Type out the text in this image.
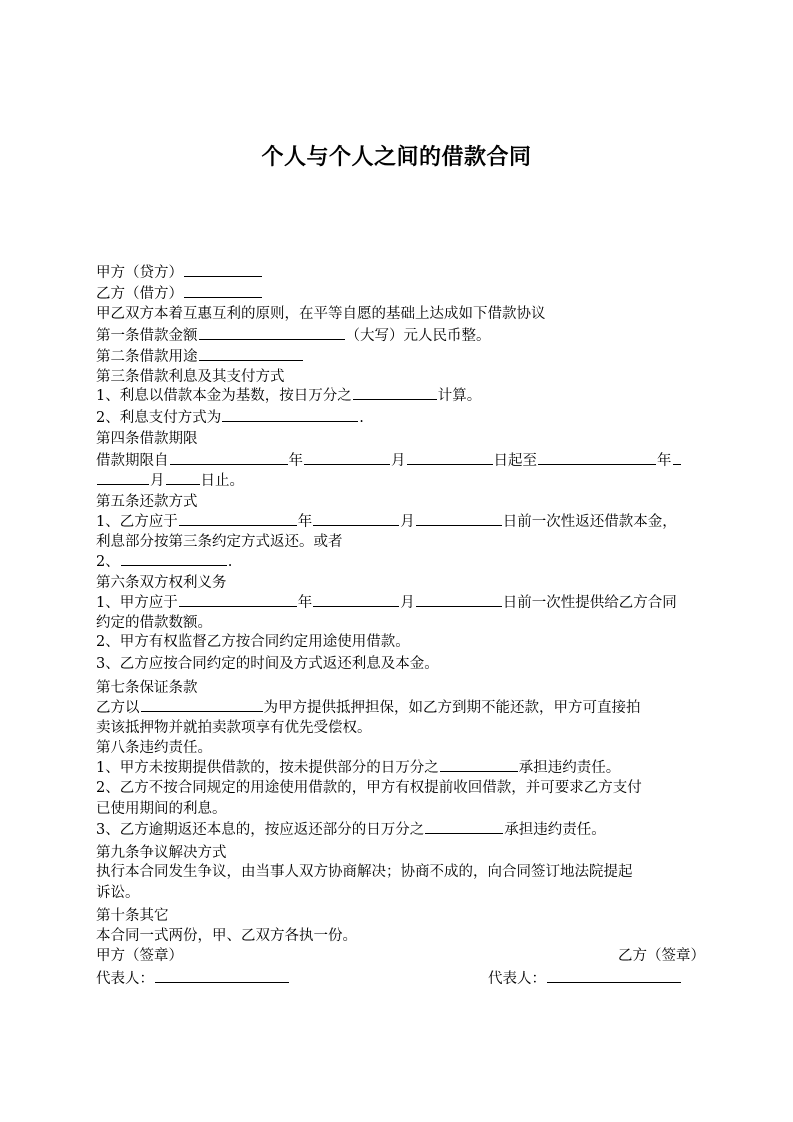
个人与个人之间的借款合同
甲方（贷方）
乙方（借方）
甲乙双方本着互惠互利的原则，在平等自愿的基础上达成如下借款协议
第一条借款金额	（大写）元人民币整。
第二条借款用途
第三条借款利息及其支付方式
1、利息以借款本金为基数，按日万分之	计算。
2、利息支付方式为	.
第四条借款期限
借款期限自	年	月	日起至	年
月 日止。
第五条还款方式
1、乙方应于	年	月	日前一次性返还借款本金，
利息部分按第三条约定方式返还。或者
2、	.
第六条双方权利义务
1、甲方应于	年	月	日前一次性提供给乙方合同
约定的借款数额。
2、甲方有权监督乙方按合同约定用途使用借款。
3、乙方应按合同约定的时间及方式返还利息及本金。
第七条保证条款
乙方以	为甲方提供抵押担保，如乙方到期不能还款，甲方可直接拍
卖该抵押物并就拍卖款项享有优先受偿权。
第八条违约责任。
1、甲方未按期提供借款的，按未提供部分的日万分之	承担违约责任。
2、乙方不按合同规定的用途使用借款的，甲方有权提前收回借款，并可要求乙方支付
已使用期间的利息。
3、乙方逾期返还本息的，按应返还部分的日万分之	承担违约责任。
第九条争议解决方式
执行本合同发生争议，由当事人双方协商解决；协商不成的，向合同签订地法院提起
诉讼。
第十条其它
本合同一式两份，甲、乙双方各执一份。
甲方（签章）	乙方（签章）
代表人：	代表人：
